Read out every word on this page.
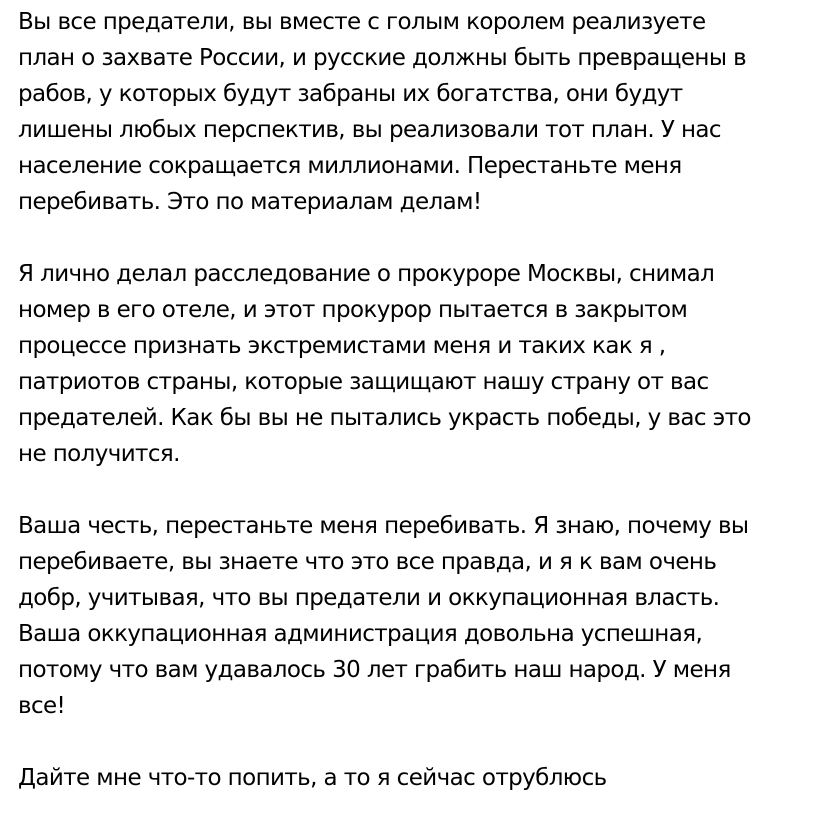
Вы все предатели, вы вместе с голым королем реализуете
план о захвате России, и русские должны быть превращены в
рабов, у которых будут забраны их богатства, они будут
лишены любых перспектив, вы реализовали тот план. У нас
население сокращается миллионами. Перестаньте меня
перебивать. Это по материалам делам!

Я лично делал расследование о прокуроре Москвы, снимал
номер в его отеле, и этот прокурор пытается в закрытом
процессе признать экстремистами меня и таких как я ,
патриотов страны, которые защищают нашу страну от вас
предателей. Как бы вы не пытались украсть победы, у вас это
не получится.

Ваша честь, перестаньте меня перебивать. Я знаю, почему вы
перебиваете, вы знаете что это все правда, и я к вам очень
добр, учитывая, что вы предатели и оккупационная власть.
Ваша оккупационная администрация довольна успешная,
потому что вам удавалось 30 лет грабить наш народ. У меня
все!

Дайте мне что-то попить, а то я сейчас отрублюсь
